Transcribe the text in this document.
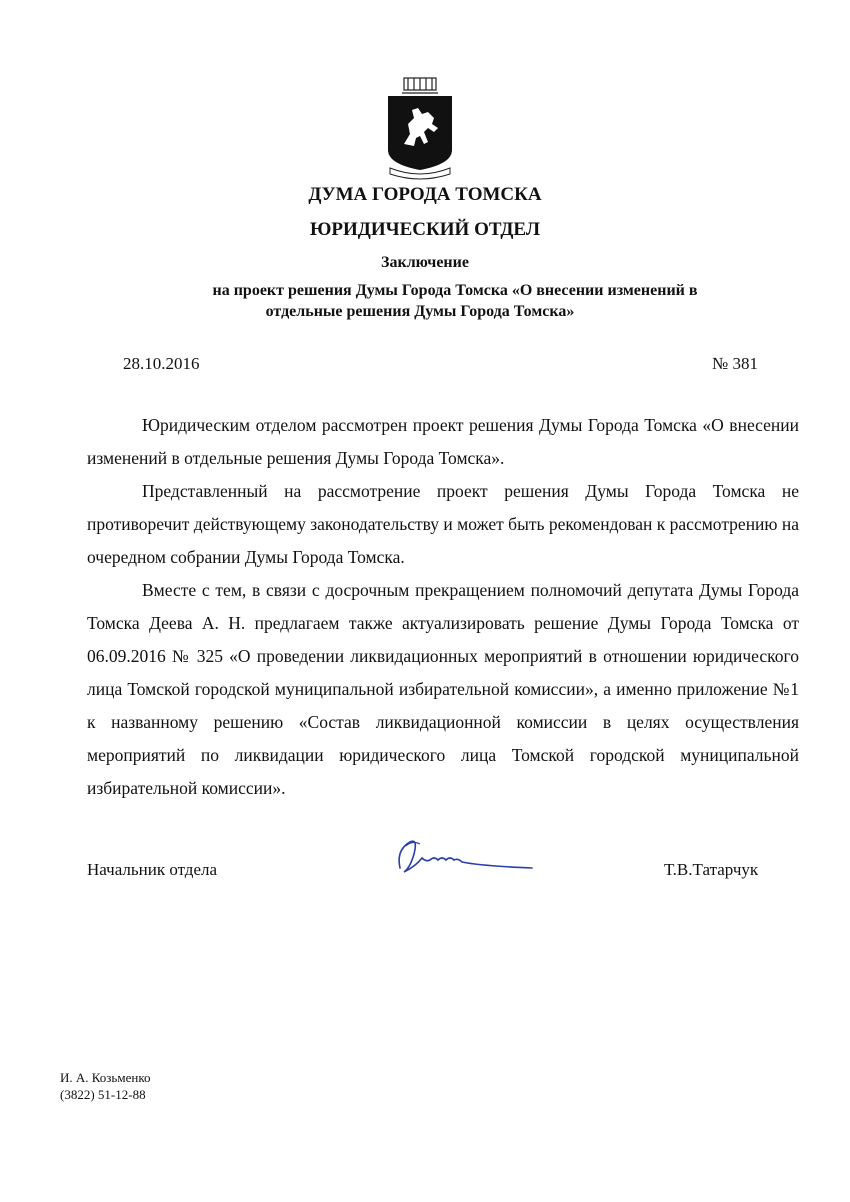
ДУМА ГОРОДА ТОМСКА
ЮРИДИЧЕСКИЙ ОТДЕЛ
Заключение
на проект решения Думы Города Томска «О внесении изменений в
отдельные решения Думы Города Томска»
28.10.2016	№ 381

Юридическим отделом рассмотрен проект решения Думы Города Томска «О внесении изменений в отдельные решения Думы Города Томска».

Представленный на рассмотрение проект решения Думы Города Томска не противоречит действующему законодательству и может быть рекомендован к рассмотрению на очередном собрании Думы Города Томска.

Вместе с тем, в связи с досрочным прекращением полномочий депутата Думы Города Томска Деева А. Н. предлагаем также актуализировать решение Думы Города Томска от 06.09.2016 № 325 «О проведении ликвидационных мероприятий в отношении юридического лица Томской городской муниципальной избирательной комиссии», а именно приложение №1 к названному решению «Состав ликвидационной комиссии в целях осуществления мероприятий по ликвидации юридического лица Томской городской муниципальной избирательной комиссии».

Начальник отдела	Т.В.Татарчук
И. А. Козьменко
(3822) 51-12-88
